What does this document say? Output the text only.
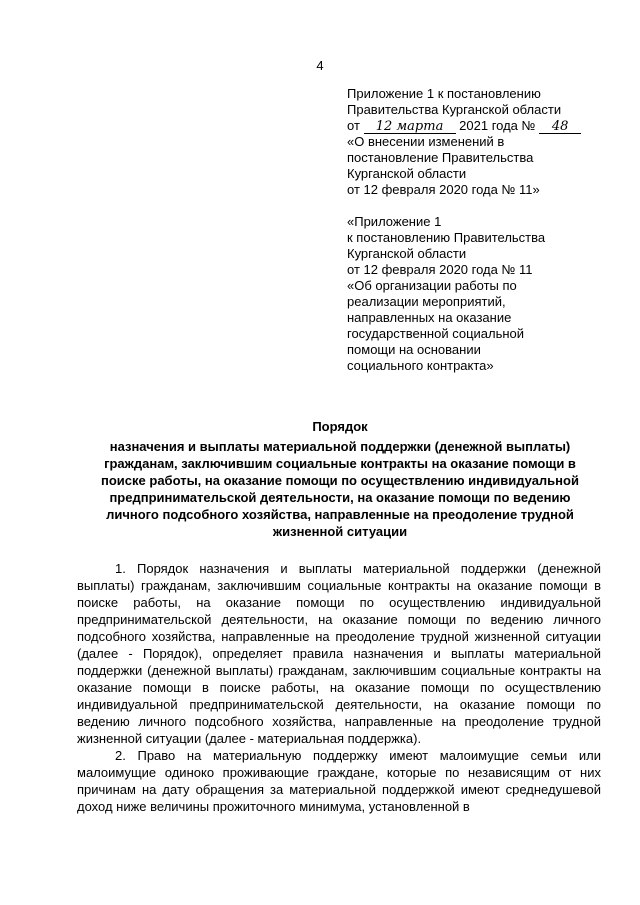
4
Приложение 1 к постановлению
Правительства Курганской области
от 12 марта 2021 года № 48
«О внесении изменений в
постановление Правительства
Курганской области
от 12 февраля 2020 года № 11»
«Приложение 1
к постановлению Правительства
Курганской области
от 12 февраля 2020 года № 11
«Об организации работы по
реализации мероприятий,
направленных на оказание
государственной социальной
помощи на основании
социального контракта»
Порядок
назначения и выплаты материальной поддержки (денежной выплаты)
гражданам, заключившим социальные контракты на оказание помощи в
поиске работы, на оказание помощи по осуществлению индивидуальной
предпринимательской деятельности, на оказание помощи по ведению
личного подсобного хозяйства, направленные на преодоление трудной
жизненной ситуации

1. Порядок назначения и выплаты материальной поддержки (денежной выплаты) гражданам, заключившим социальные контракты на оказание помощи в поиске работы, на оказание помощи по осуществлению индивидуальной предпринимательской деятельности, на оказание помощи по ведению личного подсобного хозяйства, направленные на преодоление трудной жизненной ситуации (далее - Порядок), определяет правила назначения и выплаты материальной поддержки (денежной выплаты) гражданам, заключившим социальные контракты на оказание помощи в поиске работы, на оказание помощи по осуществлению индивидуальной предпринимательской деятельности, на оказание помощи по ведению личного подсобного хозяйства, направленные на преодоление трудной жизненной ситуации (далее - материальная поддержка).

2. Право на материальную поддержку имеют малоимущие семьи или малоимущие одиноко проживающие граждане, которые по независящим от них причинам на дату обращения за материальной поддержкой имеют среднедушевой доход ниже величины прожиточного минимума, установленной в
